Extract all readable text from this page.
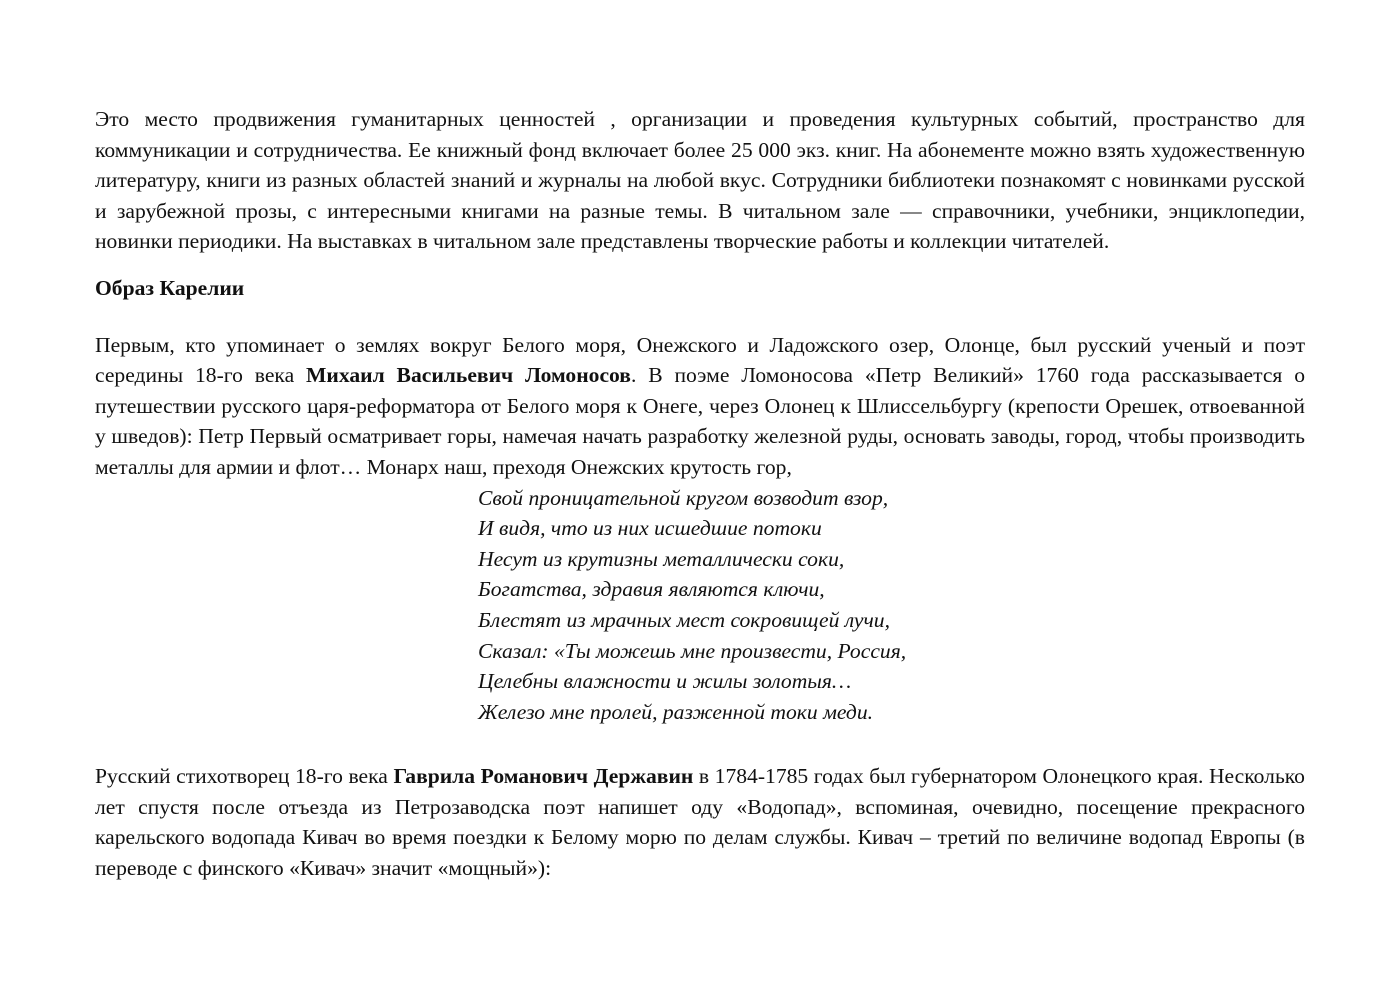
Это место продвижения гуманитарных ценностей , организации и проведения культурных событий, пространство для коммуникации и сотрудничества. Ее книжный фонд включает более 25 000 экз. книг. На абонементе можно взять художественную литературу, книги из разных областей знаний и журналы на любой вкус. Сотрудники библиотеки познакомят с новинками русской и зарубежной прозы, с интересными книгами на разные темы. В читальном зале — справочники, учебники, энциклопедии, новинки периодики. На выставках в читальном зале представлены творческие работы и коллекции читателей.

Образ Карелии

Первым, кто упоминает о землях вокруг Белого моря, Онежского и Ладожского озер, Олонце, был русский ученый и поэт середины 18-го века Михаил Васильевич Ломоносов. В поэме Ломоносова «Петр Великий» 1760 года рассказывается о путешествии русского царя-реформатора от Белого моря к Онеге, через Олонец к Шлиссельбургу (крепости Орешек, отвоеванной у шведов): Петр Первый осматривает горы, намечая начать разработку железной руды, основать заводы, город, чтобы производить металлы для армии и флот… Монарх наш, преходя Онежских крутость гор,

Свой проницательной кругом возводит взор,
И видя, что из них исшедшие потоки
Несут из крутизны металлически соки,
Богатства, здравия являются ключи,
Блестят из мрачных мест сокровищей лучи,
Сказал: «Ты можешь мне произвести, Россия,
Целебны влажности и жилы золотыя…
Железо мне пролей, разженной токи меди.

Русский стихотворец 18-го века Гаврила Романович Державин в 1784-1785 годах был губернатором Олонецкого края. Несколько лет спустя после отъезда из Петрозаводска поэт напишет оду «Водопад», вспоминая, очевидно, посещение прекрасного карельского водопада Кивач во время поездки к Белому морю по делам службы. Кивач – третий по величине водопад Европы (в переводе с финского «Кивач» значит «мощный»):
